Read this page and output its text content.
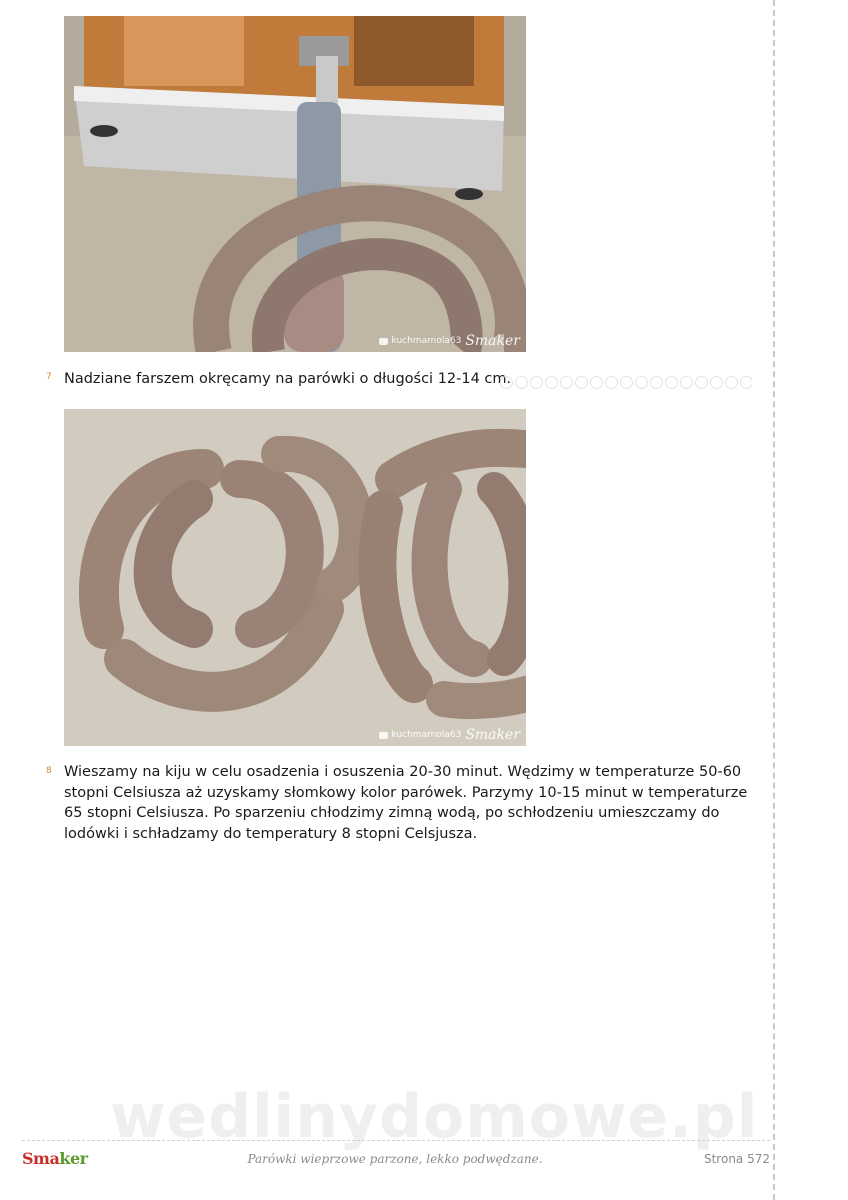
kuchmarnola63 Smaker
7 Nadziane farszem okręcamy na parówki o długości 12-14 cm.
kuchmarnola63 Smaker
8 Wieszamy na kiju w celu osadzenia i osuszenia 20-30 minut. Wędzimy w temperaturze 50-60 stopni Celsiusza aż uzyskamy słomkowy kolor parówek. Parzymy 10-15 minut w temperaturze 65 stopni Celsiusza. Po sparzeniu chłodzimy zimną wodą, po schłodzeniu umieszczamy do lodówki i schładzamy do temperatury 8 stopni Celsjusza.
wedlinydomowe.pl
Smaker	Parówki wieprzowe parzone, lekko podwędzane.	Strona 572
